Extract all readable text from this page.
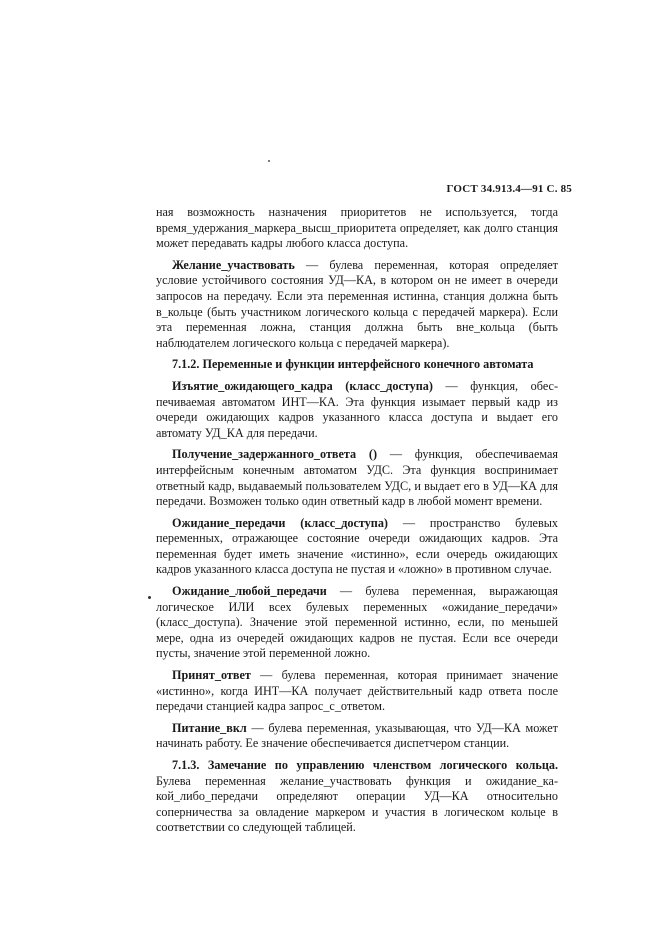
ГОСТ 34.913.4—91 С. 85

ная возможность назначения приоритетов не используется, тогда время_удержания_маркера_высш_приоритета определяет, как долго станция может передавать кадры любого класса доступа.

Желание_участвовать — булева переменная, которая определяет условие устойчивого состояния УД—КА, в котором он не имеет в очереди запросов на передачу. Если эта переменная истинна, станция должна быть в_кольце (быть участником логического кольца с передачей маркера). Если эта переменная ложна, станция должна быть вне_кольца (быть наблюдателем логического кольца с передачей маркера).

7.1.2. Переменные и функции интерфейсного конечного автомата

Изъятие_ожидающего_кадра (класс_доступа) — функция, обеспечиваемая автоматом ИНТ—КА. Эта функция изымает первый кадр из очереди ожидающих кадров указанного класса доступа и выдает его автомату УД_КА для передачи.

Получение_задержанного_ответа () — функция, обеспечиваемая интерфейсным конечным автоматом УДС. Эта функция воспринимает ответный кадр, выдаваемый пользователем УДС, и выдает его в УД—КА для передачи. Возможен только один ответный кадр в любой момент времени.

Ожидание_передачи (класс_доступа) — пространство булевых переменных, отражающее состояние очереди ожидающих кадров. Эта переменная будет иметь значение «истинно», если очередь ожидающих кадров указанного класса доступа не пустая и «ложно» в противном случае.

Ожидание_любой_передачи — булева переменная, выражающая логическое ИЛИ всех булевых переменных «ожидание_передачи» (класс_доступа). Значение этой переменной истинно, если, по меньшей мере, одна из очередей ожидающих кадров не пустая. Если все очереди пусты, значение этой переменной ложно.

Принят_ответ — булева переменная, которая принимает значение «истинно», когда ИНТ—КА получает действительный кадр ответа после передачи станцией кадра запрос_с_ответом.

Питание_вкл — булева переменная, указывающая, что УД—КА может начинать работу. Ее значение обеспечивается диспетчером станции.

7.1.3. Замечание по управлению членством логического кольца. Булева переменная желание_участвовать функция и ожидание_какой_либо_передачи определяют операции УД—КА относительно соперничества за овладение маркером и участия в логическом кольце в соответствии со следующей таблицей.
